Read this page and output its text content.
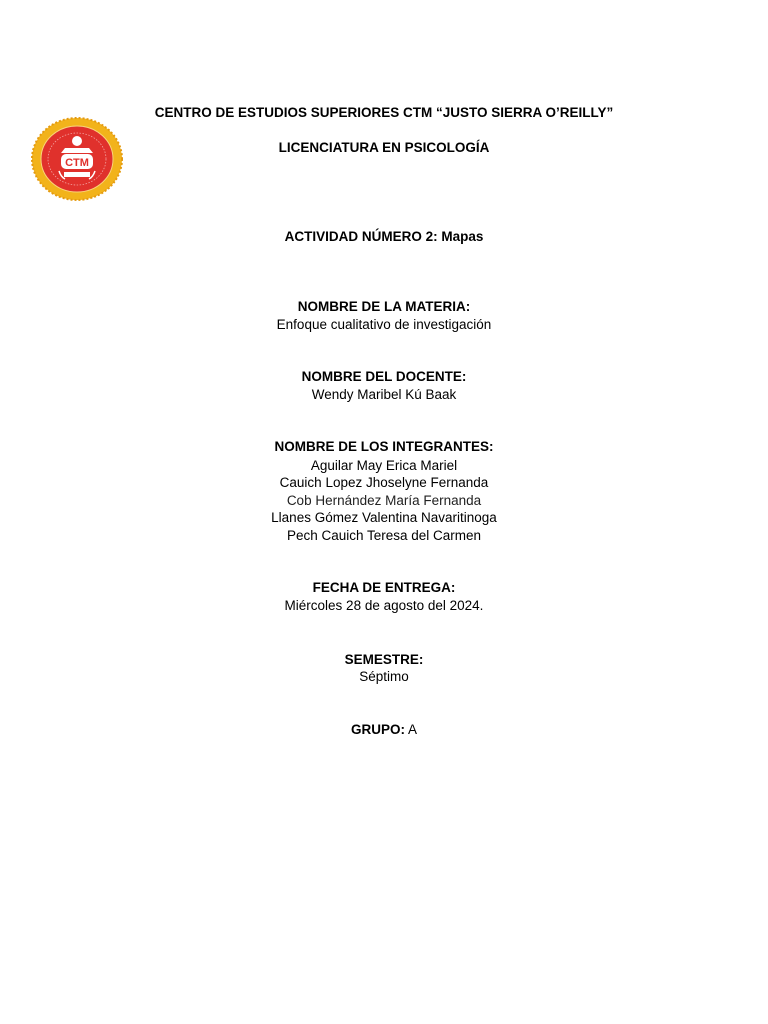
CTM
CENTRO DE ESTUDIOS SUPERIORES CTM “JUSTO SIERRA O’REILLY”
LICENCIATURA EN PSICOLOGÍA
ACTIVIDAD NÚMERO 2: Mapas
NOMBRE DE LA MATERIA:
Enfoque cualitativo de investigación
NOMBRE DEL DOCENTE:
Wendy Maribel Kú Baak
NOMBRE DE LOS INTEGRANTES:
Aguilar May Erica Mariel
Cauich Lopez Jhoselyne Fernanda
Cob Hernández María Fernanda
Llanes Gómez Valentina Navaritinoga
Pech Cauich Teresa del Carmen
FECHA DE ENTREGA:
Miércoles 28 de agosto del 2024.
SEMESTRE:
Séptimo
GRUPO: A
